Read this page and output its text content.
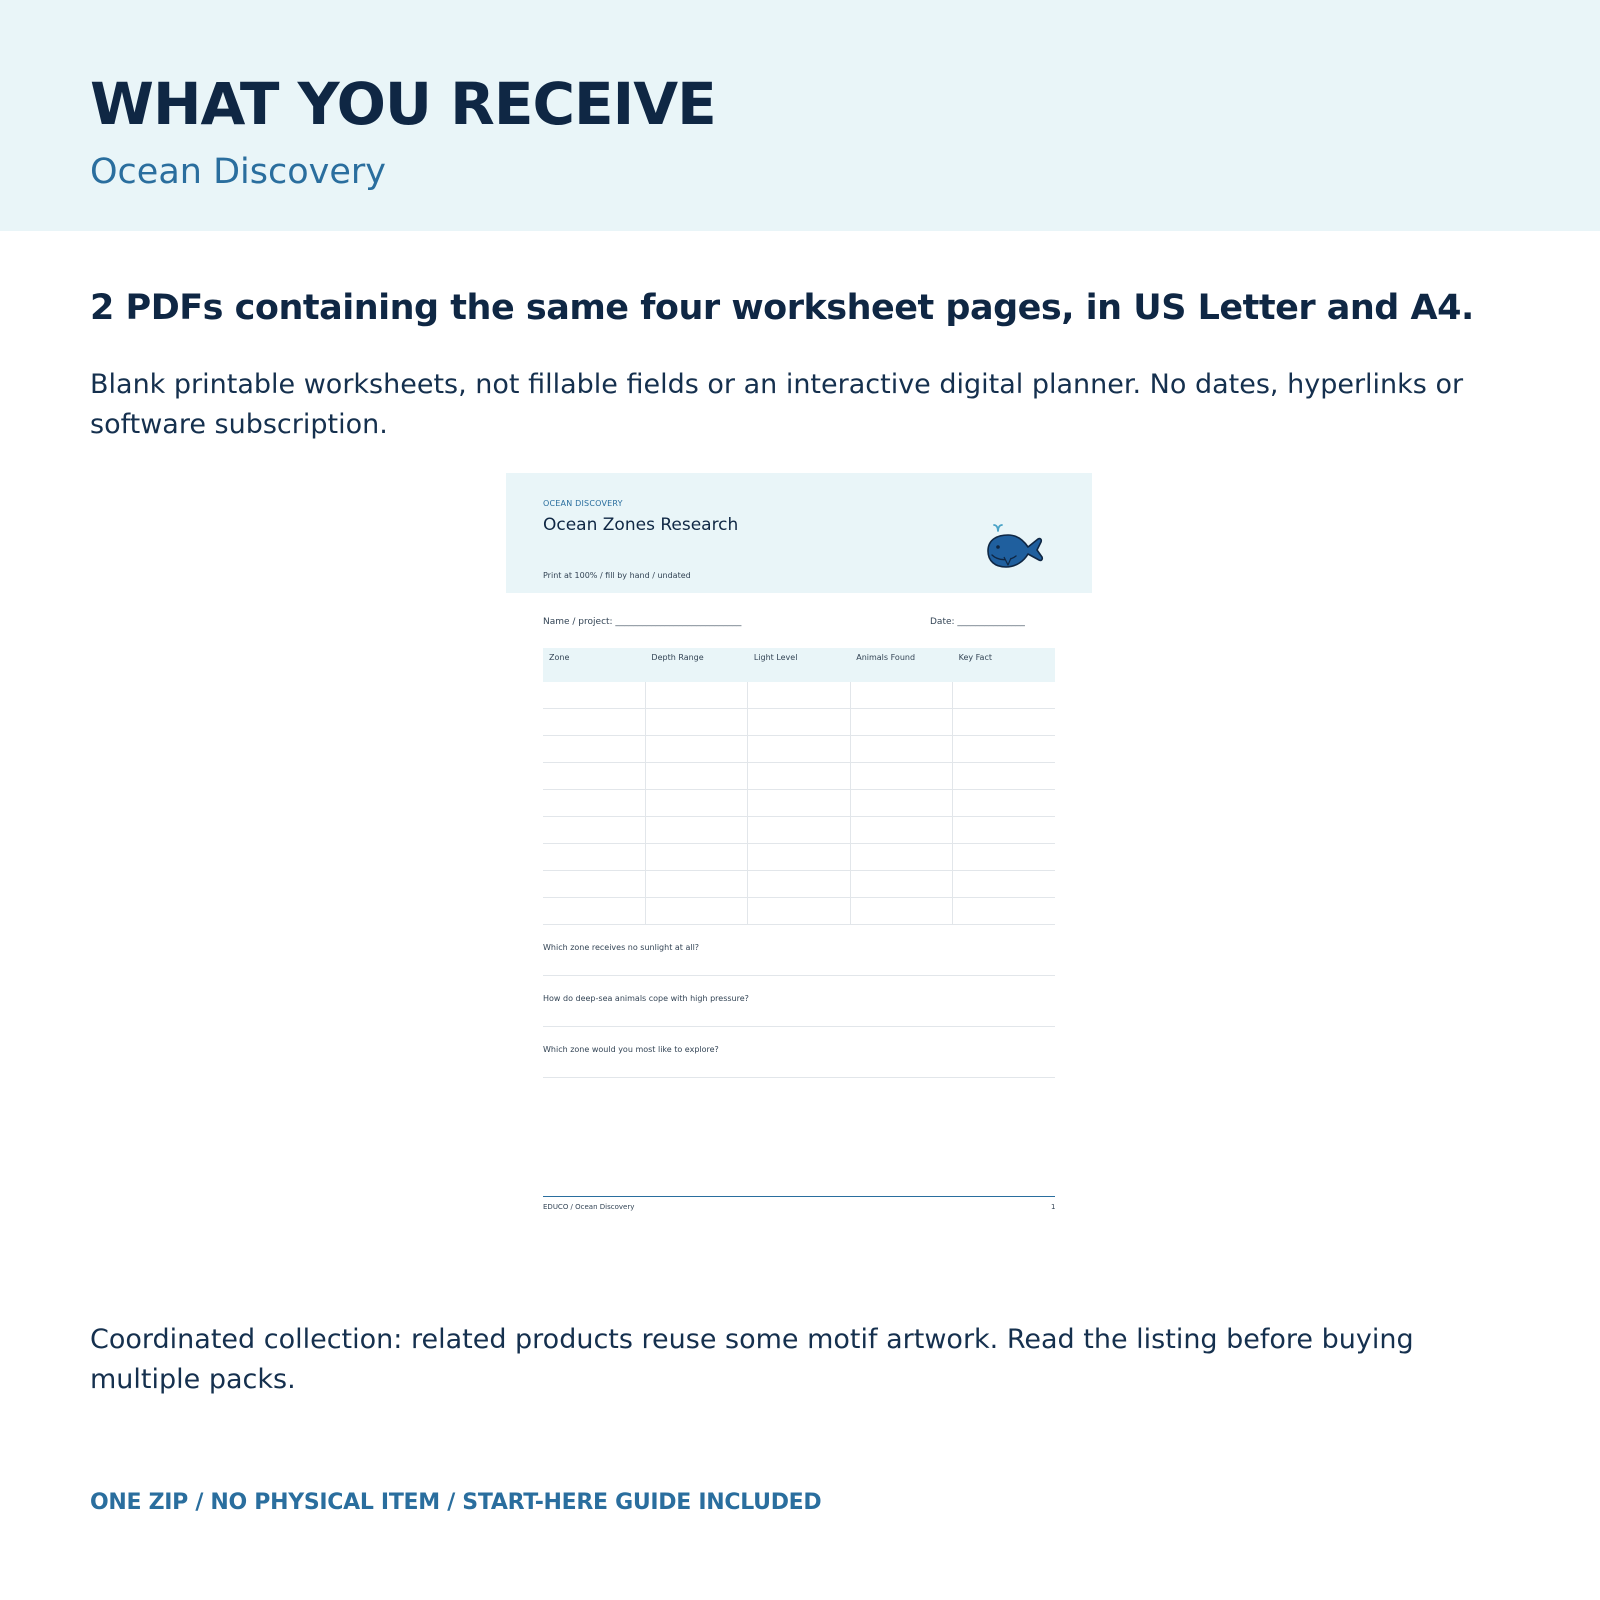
WHAT YOU RECEIVE
Ocean Discovery
2 PDFs containing the same four worksheet pages, in US Letter and A4.

Blank printable worksheets, not fillable fields or an interactive digital planner. No dates, hyperlinks or software subscription.

OCEAN DISCOVERY
Ocean Zones Research
Print at 100% / fill by hand / undated
Name / project: ____________________________	Date: _______________
Zone	Depth Range	Light Level	Animals Found	Key Fact
Which zone receives no sunlight at all?
How do deep-sea animals cope with high pressure?
Which zone would you most like to explore?
EDUCO / Ocean Discovery	1

Coordinated collection: related products reuse some motif artwork. Read the listing before buying multiple packs.

ONE ZIP / NO PHYSICAL ITEM / START-HERE GUIDE INCLUDED
